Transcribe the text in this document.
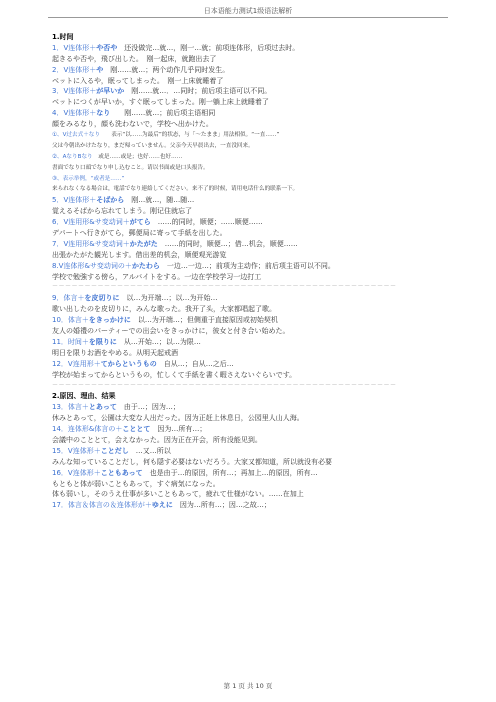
日本语能力测试1级语法解析
1.时间
1．V连体形＋や否や　还没做完…就…，刚一…就；前项连体形，后项过去时。
起きるや否や，飛び出した。　刚一起床，就跑出去了
2．V连体形＋や　刚……就…；两个动作几乎同时发生。
ベットに入るや，眠ってしまった。　刚一上床就睡着了
3．V连体形＋が早いか　刚……就…．…同时；前后项主语可以不同。
ベットにつくが早いか，すぐ眠ってしまった。刚一躺上床上就睡着了
4．V连体形＋なり　　刚……就…；前后项主语相同
顔をみるなり，顔も洗わないで，学校へ出かけた。
①、V过去式＋なり　　表示“以……为最后”的状态，与「～たまま」用法相似。“一直……”
父は今朝出かけたなり，まだ帰っていません。父亲今天早晨出去，一直没回来。
②、AなりBなり　或是……或是；也好……也好……
書面でなり口頭でなり申し込むこと。请以书面或是口头报告。
③、表示举例，“或者是……”
来られなくなる場合は，電話でなり連絡してください。来不了的时候，请用电话什么的联系一下。
5．V连体形＋そばから　刚…就…，随…随…
覚えるそばから忘れてしまう。刚记住就忘了
6．V连用形&サ变动词＋がてら　……的同时，顺便；……顺便……
デパートへ行きがてら，郵便局に寄って手紙を出した。
7．V连用形&サ变动词＋かたがた　……的同时，顺便…；借…机会，顺便……
出張かたがた観光します。借出差的机会，顺便观光游览
8.V连体形&サ变动词の＋かたわら　一边…一边…；前项为主动作；前后项主语可以不同。
学校で勉強する傍ら，アルバイトをする。一边在学校学习一边打工
－－－－－－－－－－－－－－－－－－－－－－－－－－－－－－－－－－－－－－－－－－－－－－－－－－－－－
9．体言＋を皮切りに　以…为开端…；以…为开始…
歌い出したのを皮切りに，みんな歌った。我开了头，大家都唱起了歌。
10．体言＋をきっかけに　以…为开端…；但侧重于直接原因或初始契机
友人の婚禮のパーティーでの出会いをきっかけに，彼女と付き合い始めた。
11．时间＋を限りに　从…开始…；以…为限…
明日を限りお酒をやめる。从明天起戒酒
12．V连用形＋てからというもの　自从…；自从…之后…
学校が始まってからというもの，忙しくて手紙を書く暇さえないぐらいです。
－－－－－－－－－－－－－－－－－－－－－－－－－－－－－－－－－－－－－－－－－－－－－－－－－－－－－
2.原因、理由、结果
13．体言＋とあって　由于…；因为…；
休みとあって，公園は大変な人出だった。因为正赶上休息日，公园里人山人海。
14．连体形&体言の＋こととて　因为…所有…；
会議中のこととて，会えなかった。因为正在开会，所有没能见到。
15．V连体形＋ことだし　…又…所以
みんな知っていることだし，何も隠す必要はないだろう。大家又都知道，所以就没有必要
16．V连体形＋こともあって　也是由于…的原因，所有…；再加上…的原因，所有…
もともと体が弱いこともあって，すぐ病気になった。
体も弱いし，そのうえ仕事が多いこともあって，疲れて仕様がない。……在加上
17．体言＆体言の＆连体形が＋ゆえに　因为…所有…；因…之故…；
第 1 页 共 10 页
